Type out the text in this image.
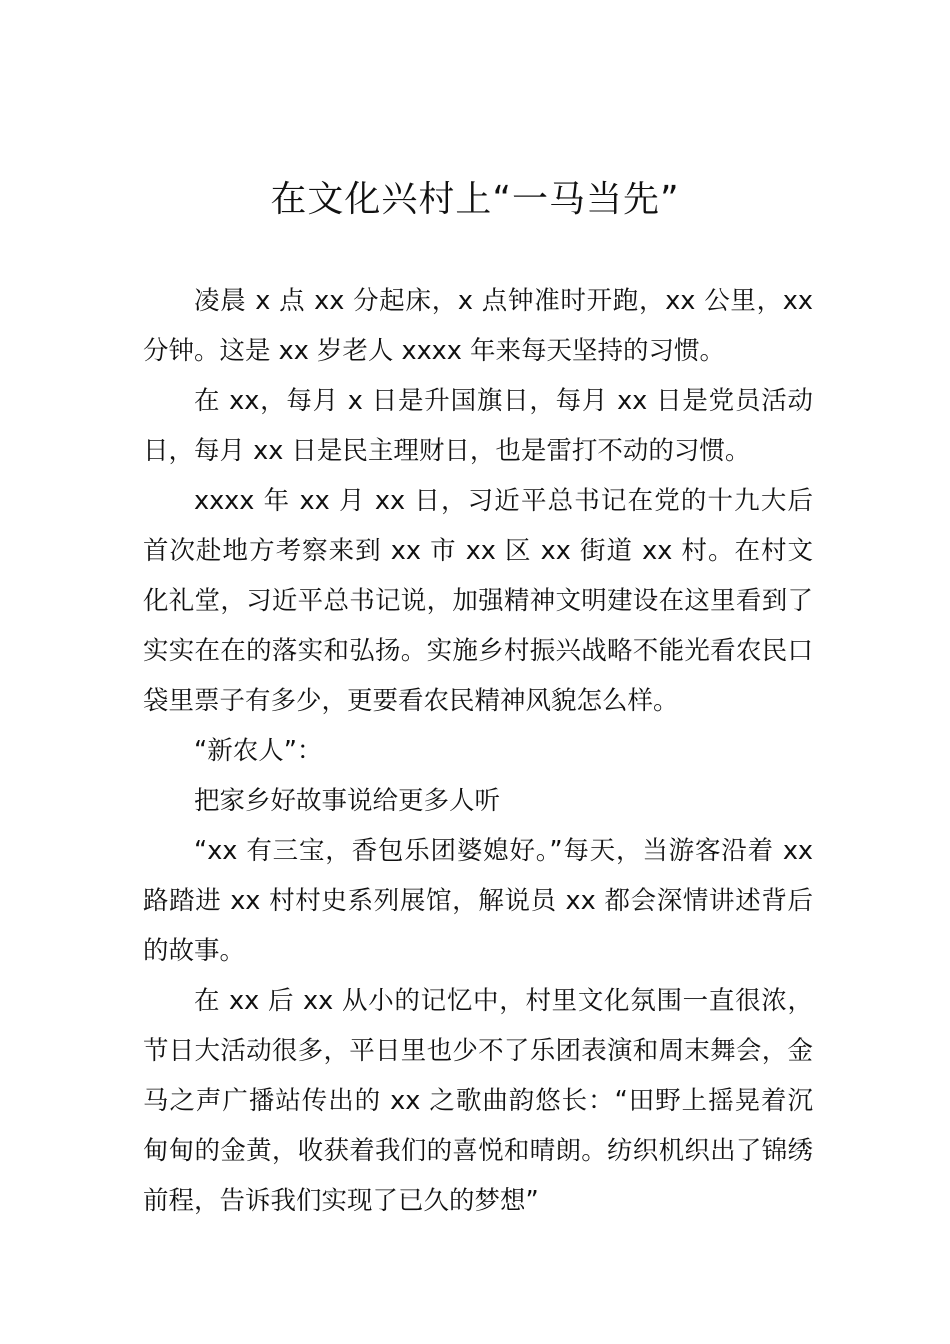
在文化兴村上“一马当先”

凌晨 x 点 xx 分起床，x 点钟准时开跑，xx 公里，xx 分钟。这是 xx 岁老人 xxxx 年来每天坚持的习惯。

在 xx，每月 x 日是升国旗日，每月 xx 日是党员活动日，每月 xx 日是民主理财日，也是雷打不动的习惯。

xxxx 年 xx 月 xx 日，习近平总书记在党的十九大后首次赴地方考察来到 xx 市 xx 区 xx 街道 xx 村。在村文化礼堂，习近平总书记说，加强精神文明建设在这里看到了实实在在的落实和弘扬。实施乡村振兴战略不能光看农民口袋里票子有多少，更要看农民精神风貌怎么样。

“新农人”：

把家乡好故事说给更多人听

“xx 有三宝，香包乐团婆媳好。”每天，当游客沿着 xx 路踏进 xx 村村史系列展馆，解说员 xx 都会深情讲述背后的故事。

在 xx 后 xx 从小的记忆中，村里文化氛围一直很浓，节日大活动很多，平日里也少不了乐团表演和周末舞会，金马之声广播站传出的 xx 之歌曲韵悠长：“田野上摇晃着沉甸甸的金黄，收获着我们的喜悦和晴朗。纺织机织出了锦绣前程，告诉我们实现了已久的梦想”
